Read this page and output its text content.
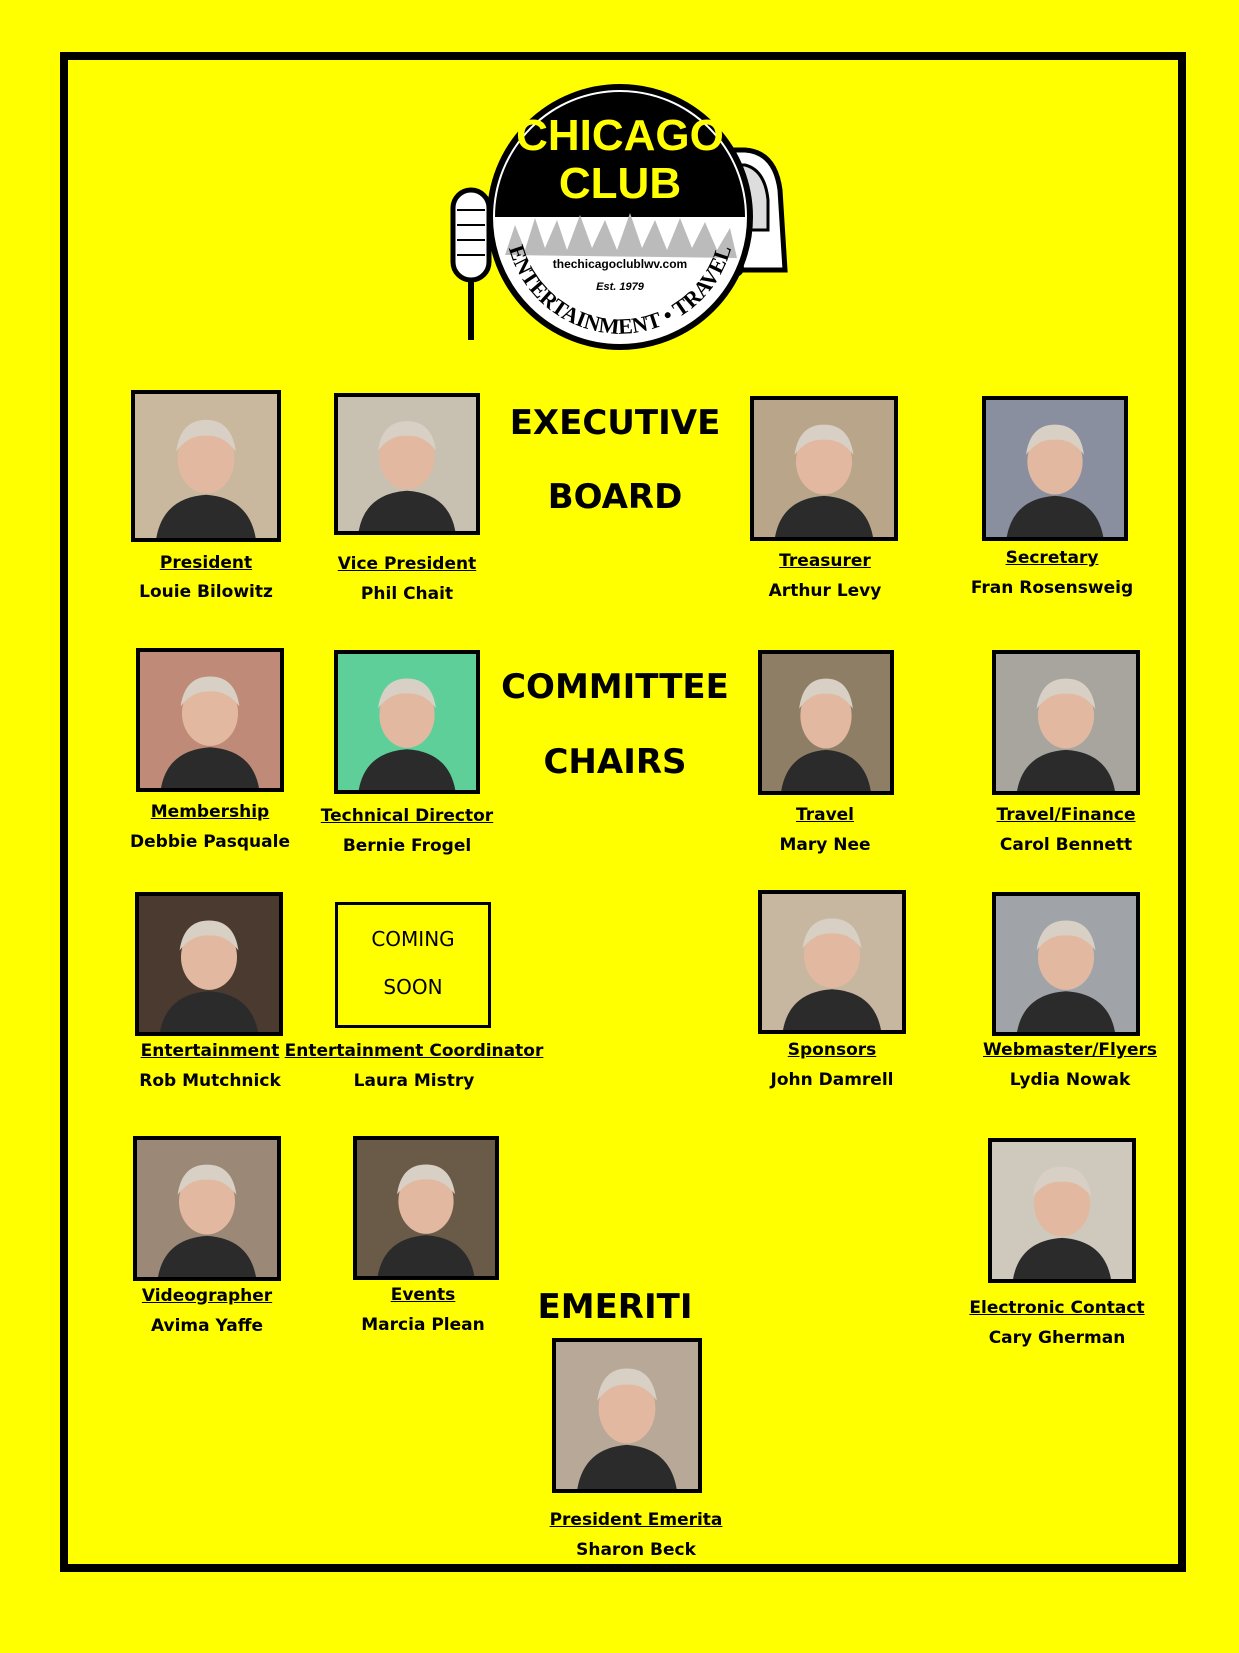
CHICAGO
CLUB
thechicagoclublwv.com
Est. 1979
ENTERTAINMENT • TRAVEL
EXECUTIVE
BOARD
COMMITTEE
CHAIRS
EMERITI
COMING
SOON
President
Louie Bilowitz
Vice President
Phil Chait
Treasurer
Arthur Levy
Secretary
Fran Rosensweig
Membership
Debbie Pasquale
Technical Director
Bernie Frogel
Travel
Mary Nee
Travel/Finance
Carol Bennett
Entertainment
Rob Mutchnick
Entertainment Coordinator
Laura Mistry
Sponsors
John Damrell
Webmaster/Flyers
Lydia Nowak
Videographer
Avima Yaffe
Events
Marcia Plean
Electronic Contact
Cary Gherman
President Emerita
Sharon Beck
